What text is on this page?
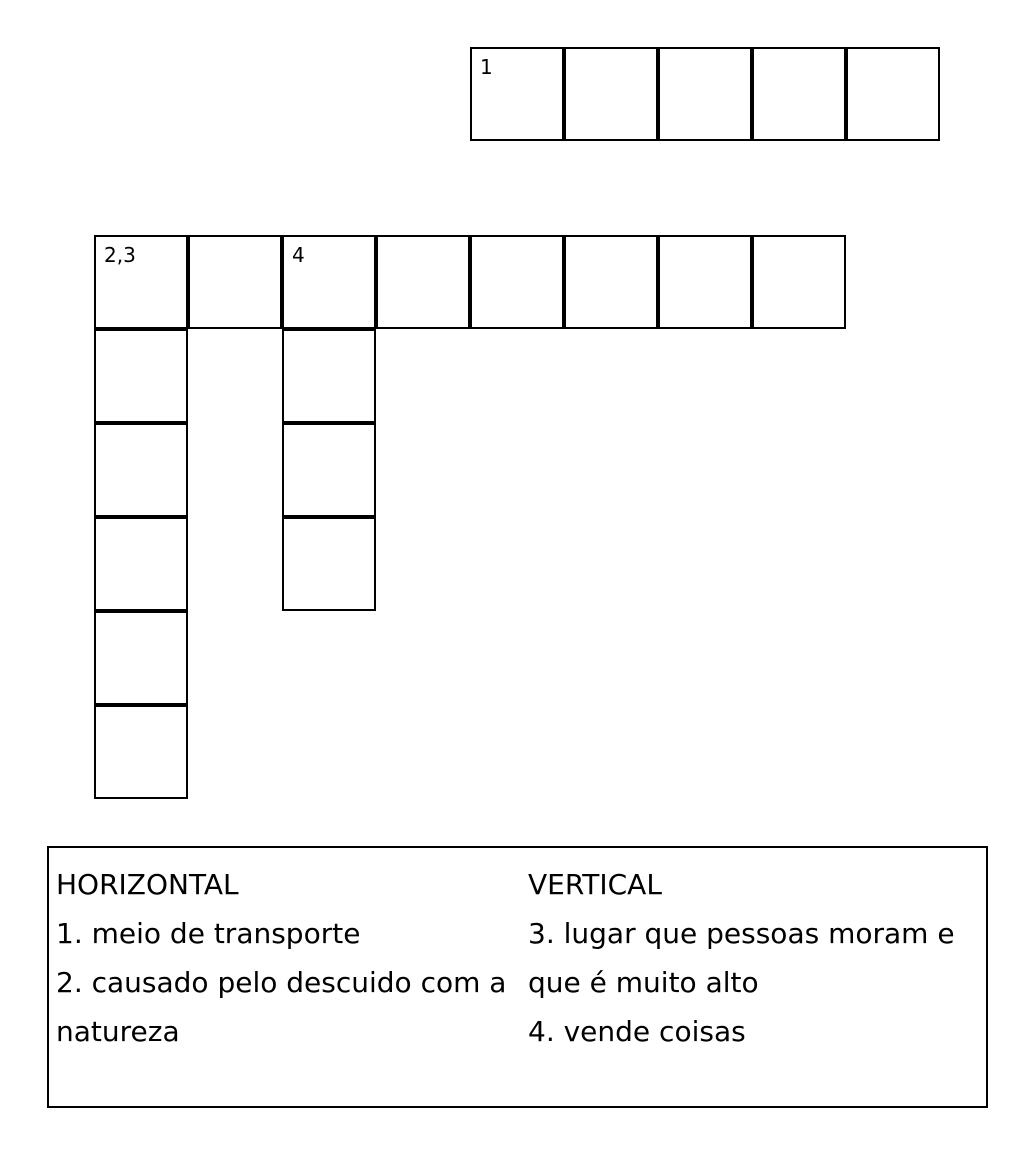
1
2,3	4
HORIZONTAL
1. meio de transporte
2. causado pelo descuido com a
natureza
VERTICAL
3. lugar que pessoas moram e
que é muito alto
4. vende coisas
